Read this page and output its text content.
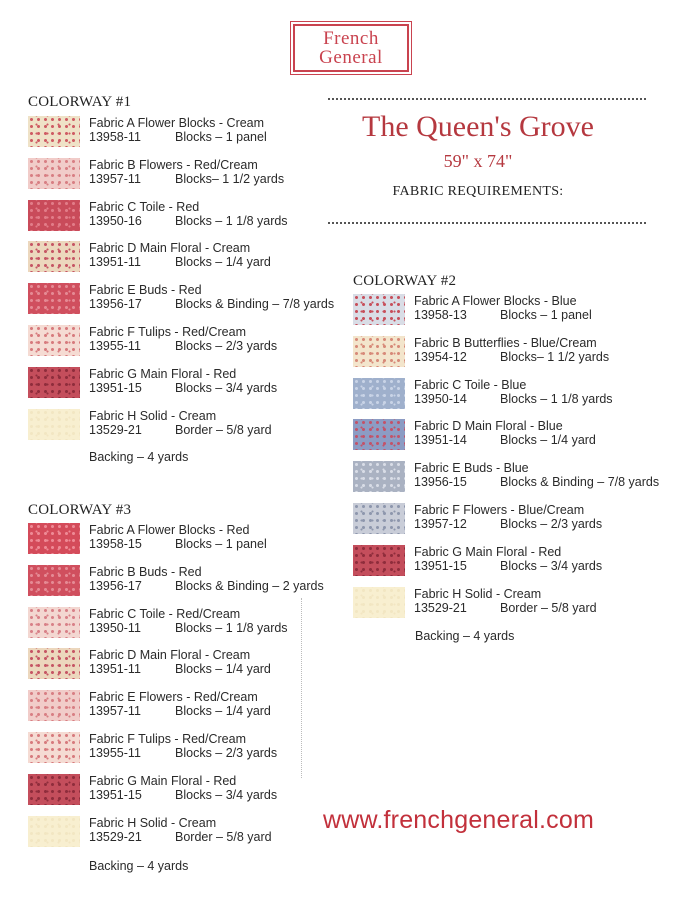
French
General
The Queen's Grove
59" x 74"
FABRIC REQUIREMENTS:
COLORWAY #1
Fabric A Flower Blocks - Cream
13958-11	Blocks – 1 panel
Fabric B Flowers - Red/Cream
13957-11	Blocks– 1 1/2 yards
Fabric C Toile - Red
13950-16	Blocks – 1 1/8 yards
Fabric D Main Floral - Cream
13951-11	Blocks – 1/4 yard
Fabric E Buds - Red
13956-17	Blocks & Binding – 7/8 yards
Fabric F Tulips - Red/Cream
13955-11	Blocks – 2/3 yards
Fabric G Main Floral - Red
13951-15	Blocks – 3/4 yards
Fabric H Solid - Cream
13529-21	Border – 5/8 yard
Backing – 4 yards
COLORWAY #2
Fabric A Flower Blocks - Blue
13958-13	Blocks – 1 panel
Fabric B Butterflies - Blue/Cream
13954-12	Blocks– 1 1/2 yards
Fabric C Toile - Blue
13950-14	Blocks – 1 1/8 yards
Fabric D Main Floral - Blue
13951-14	Blocks – 1/4 yard
Fabric E Buds - Blue
13956-15	Blocks & Binding – 7/8 yards
Fabric F Flowers - Blue/Cream
13957-12	Blocks – 2/3 yards
Fabric G Main Floral - Red
13951-15	Blocks – 3/4 yards
Fabric H Solid - Cream
13529-21	Border – 5/8 yard
Backing – 4 yards
COLORWAY #3
Fabric A Flower Blocks - Red
13958-15	Blocks – 1 panel
Fabric B Buds - Red
13956-17	Blocks & Binding – 2 yards
Fabric C Toile - Red/Cream
13950-11	Blocks – 1 1/8 yards
Fabric D Main Floral - Cream
13951-11	Blocks – 1/4 yard
Fabric E Flowers - Red/Cream
13957-11	Blocks – 1/4 yard
Fabric F Tulips - Red/Cream
13955-11	Blocks – 2/3 yards
Fabric G Main Floral - Red
13951-15	Blocks – 3/4 yards
Fabric H Solid - Cream
13529-21	Border – 5/8 yard
Backing – 4 yards
www.frenchgeneral.com
